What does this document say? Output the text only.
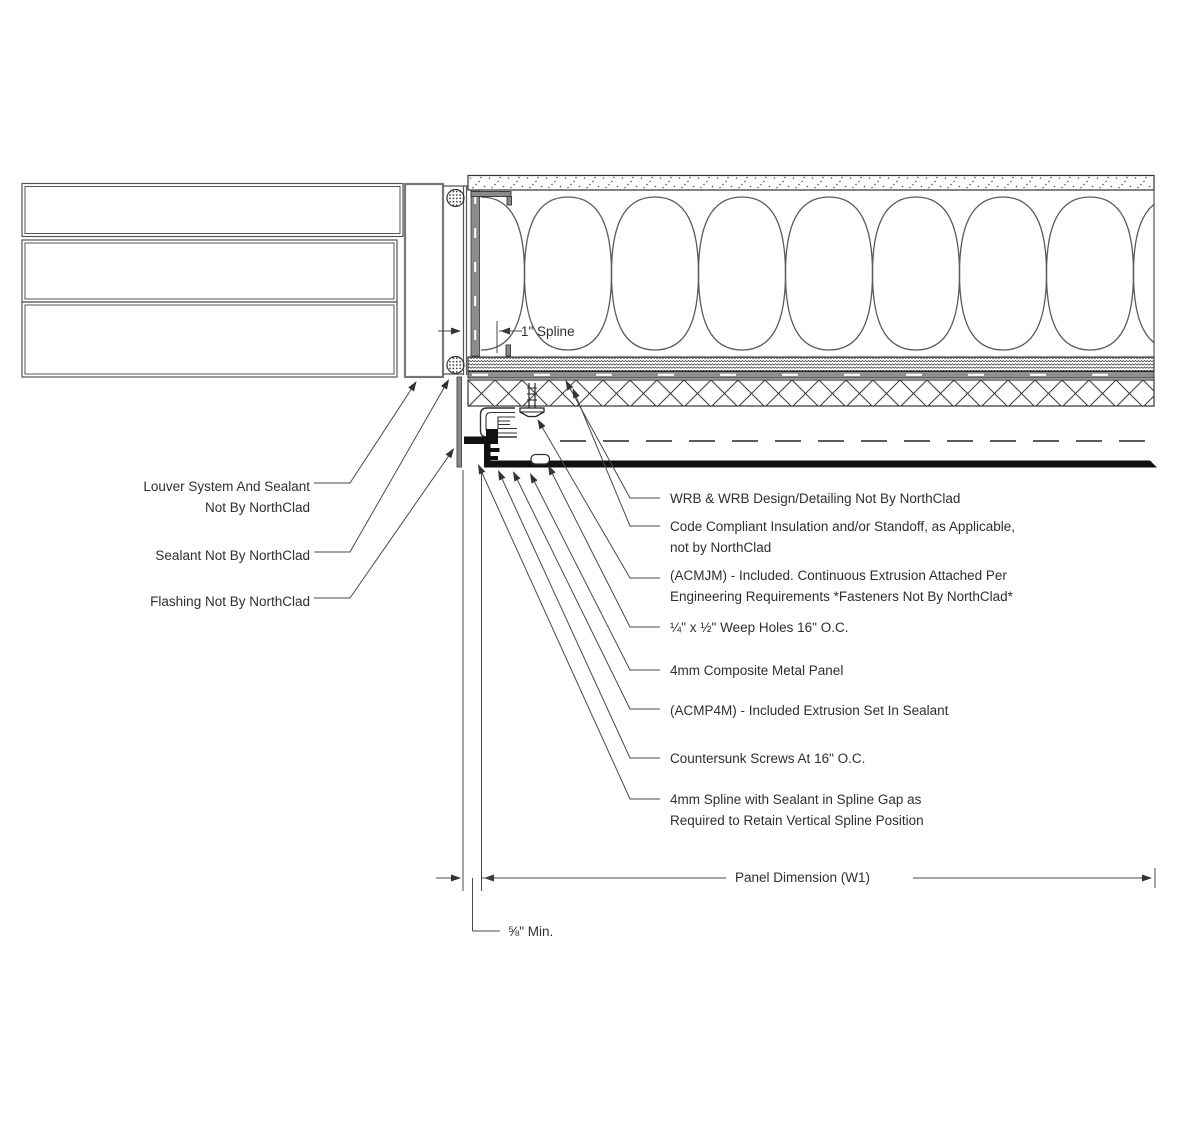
Louver System And Sealant
Not By NorthClad
Sealant Not By NorthClad
Flashing Not By NorthClad
WRB & WRB Design/Detailing Not By NorthClad
Code Compliant Insulation and/or Standoff, as Applicable,
not by NorthClad
(ACMJM) - Included. Continuous Extrusion Attached Per
Engineering Requirements *Fasteners Not By NorthClad*
¼" x ½" Weep Holes 16" O.C.
4mm Composite Metal Panel
(ACMP4M) - Included Extrusion Set In Sealant
Countersunk Screws At 16" O.C.
4mm Spline with Sealant in Spline Gap as
Required to Retain Vertical Spline Position
1" Spline
Panel Dimension (W1)
⅝" Min.
